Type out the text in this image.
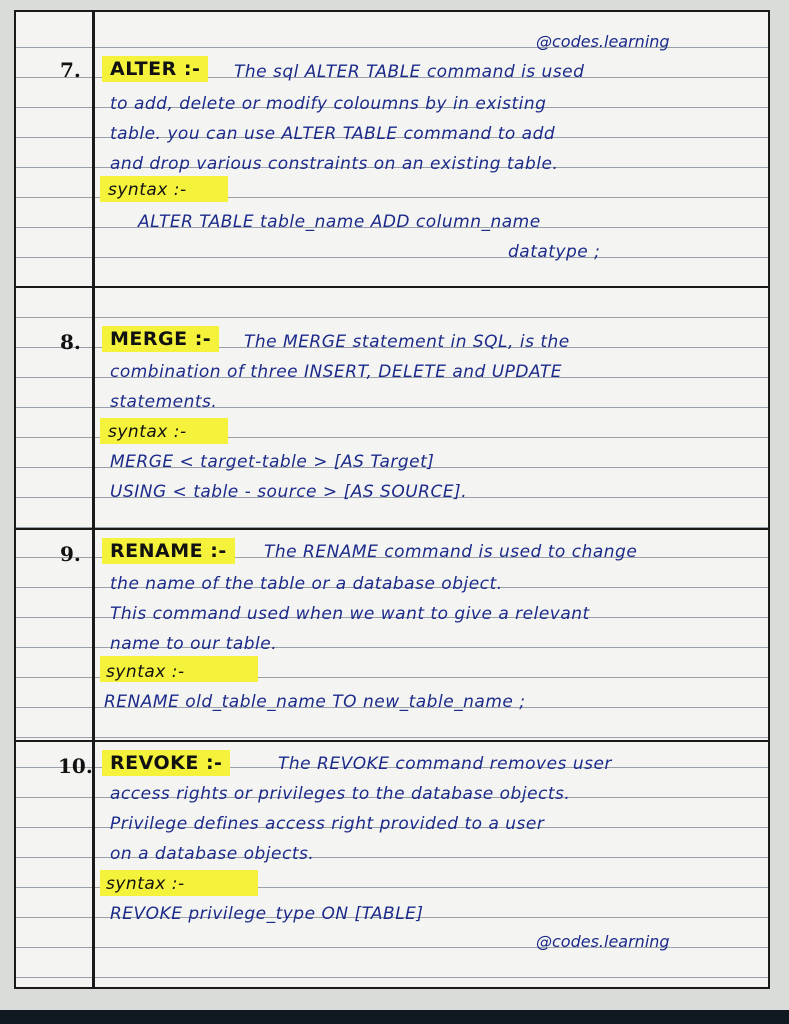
@codes.learning
7.	ALTER :-	The sql ALTER TABLE command is used
to add, delete or modify coloumns by in existing
table. you can use ALTER TABLE command to add
and drop various constraints on an existing table.
syntax :-
ALTER TABLE table_name ADD column_name
datatype ;
8.	MERGE :-	The MERGE statement in SQL, is the
combination of three INSERT, DELETE and UPDATE
statements.
syntax :-
MERGE < target-table > [AS Target]
USING < table - source > [AS SOURCE].
9.	RENAME :-	The RENAME command is used to change
the name of the table or a database object.
This command used when we want to give a relevant
name to our table.
syntax :-
RENAME old_table_name TO new_table_name ;
10. REVOKE :-	The REVOKE command removes user
access rights or privileges to the database objects.
Privilege defines access right provided to a user
on a database objects.
syntax :-
REVOKE privilege_type ON [TABLE]
@codes.learning
